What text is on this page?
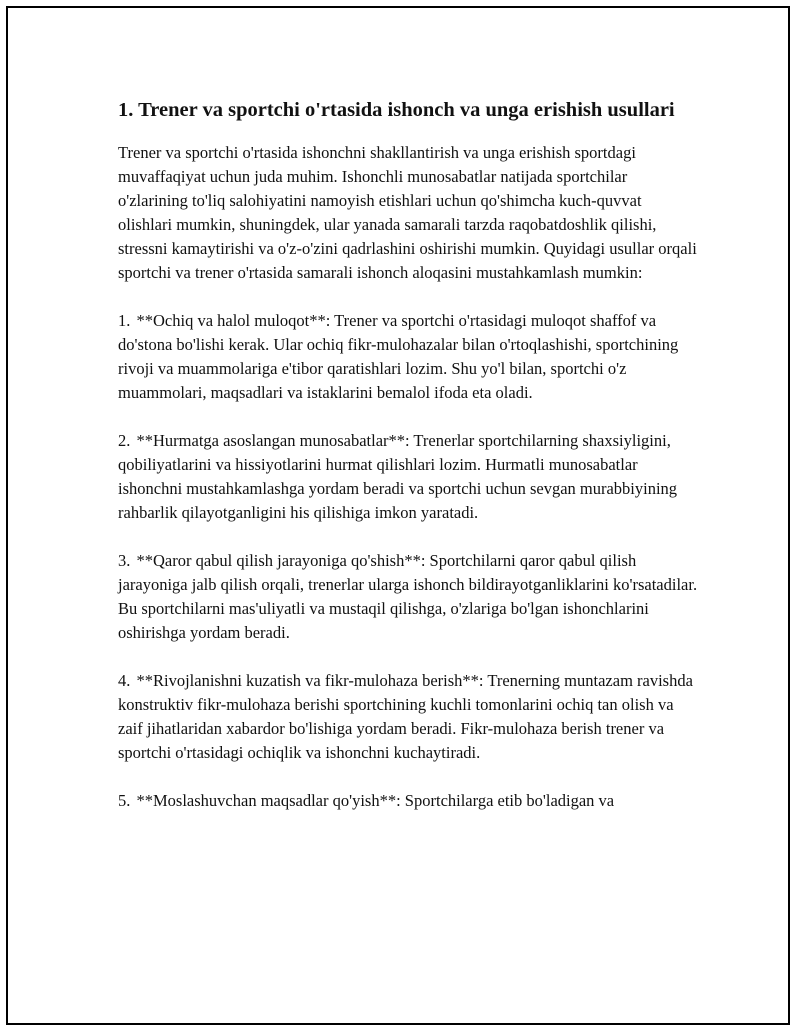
1. Trener va sportchi o'rtasida ishonch va unga erishish usullari

Trener va sportchi o'rtasida ishonchni shakllantirish va unga erishish sportdagi muvaffaqiyat uchun juda muhim. Ishonchli munosabatlar natijada sportchilar o'zlarining to'liq salohiyatini namoyish etishlari uchun qo'shimcha kuch-quvvat olishlari mumkin, shuningdek, ular yanada samarali tarzda raqobatdoshlik qilishi, stressni kamaytirishi va o'z-o'zini qadrlashini oshirishi mumkin. Quyidagi usullar orqali sportchi va trener o'rtasida samarali ishonch aloqasini mustahkamlash mumkin:

1. **Ochiq va halol muloqot**: Trener va sportchi o'rtasidagi muloqot shaffof va do'stona bo'lishi kerak. Ular ochiq fikr-mulohazalar bilan o'rtoqlashishi, sportchining rivoji va muammolariga e'tibor qaratishlari lozim. Shu yo'l bilan, sportchi o'z muammolari, maqsadlari va istaklarini bemalol ifoda eta oladi.

2. **Hurmatga asoslangan munosabatlar**: Trenerlar sportchilarning shaxsiyligini, qobiliyatlarini va hissiyotlarini hurmat qilishlari lozim. Hurmatli munosabatlar ishonchni mustahkamlashga yordam beradi va sportchi uchun sevgan murabbiyining rahbarlik qilayotganligini his qilishiga imkon yaratadi.

3. **Qaror qabul qilish jarayoniga qo'shish**: Sportchilarni qaror qabul qilish jarayoniga jalb qilish orqali, trenerlar ularga ishonch bildirayotganliklarini ko'rsatadilar. Bu sportchilarni mas'uliyatli va mustaqil qilishga, o'zlariga bo'lgan ishonchlarini oshirishga yordam beradi.

4. **Rivojlanishni kuzatish va fikr-mulohaza berish**: Trenerning muntazam ravishda konstruktiv fikr-mulohaza berishi sportchining kuchli tomonlarini ochiq tan olish va zaif jihatlaridan xabardor bo'lishiga yordam beradi. Fikr-mulohaza berish trener va sportchi o'rtasidagi ochiqlik va ishonchni kuchaytiradi.

5. **Moslashuvchan maqsadlar qo'yish**: Sportchilarga etib bo'ladigan va
